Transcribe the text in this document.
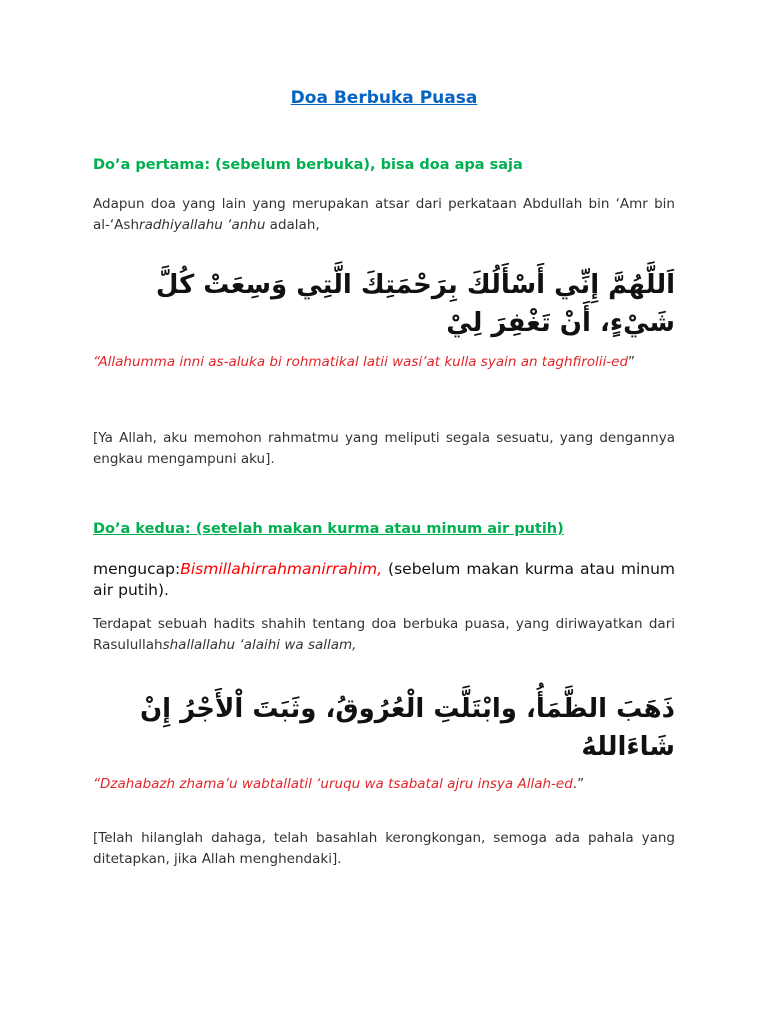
Doa Berbuka Puasa
Do’a pertama: (sebelum berbuka), bisa doa apa saja
Adapun doa yang lain yang merupakan atsar dari perkataan Abdullah bin ‘Amr bin al-‘Ashradhiyallahu ‘anhu adalah,
اَللَّهُمَّ إِنِّي أَسْأَلُكَ بِرَحْمَتِكَ الَّتِي وَسِعَتْ كُلَّ شَيْءٍ، أَنْ تَغْفِرَ لِيْ
“Allahumma inni as-aluka bi rohmatikal latii wasi’at kulla syain an taghfirolii-ed”
[Ya Allah, aku memohon rahmatmu yang meliputi segala sesuatu, yang dengannya engkau mengampuni aku].
Do’a kedua: (setelah makan kurma atau minum air putih)
mengucap:Bismillahirrahmanirrahim, (sebelum makan kurma atau minum air putih).
Terdapat sebuah hadits shahih tentang doa berbuka puasa, yang diriwayatkan dari Rasulullahshallallahu ‘alaihi wa sallam,
ذَهَبَ الظَّمَأُ، وابْتَلَّتِ الْعُرُوقُ، وثَبَتَ اْلأَجْرُ إِنْ شَاءَاللهُ
“Dzahabazh zhama’u wabtallatil ‘uruqu wa tsabatal ajru insya Allah-ed.”
[Telah hilanglah dahaga, telah basahlah kerongkongan, semoga ada pahala yang ditetapkan, jika Allah menghendaki].
